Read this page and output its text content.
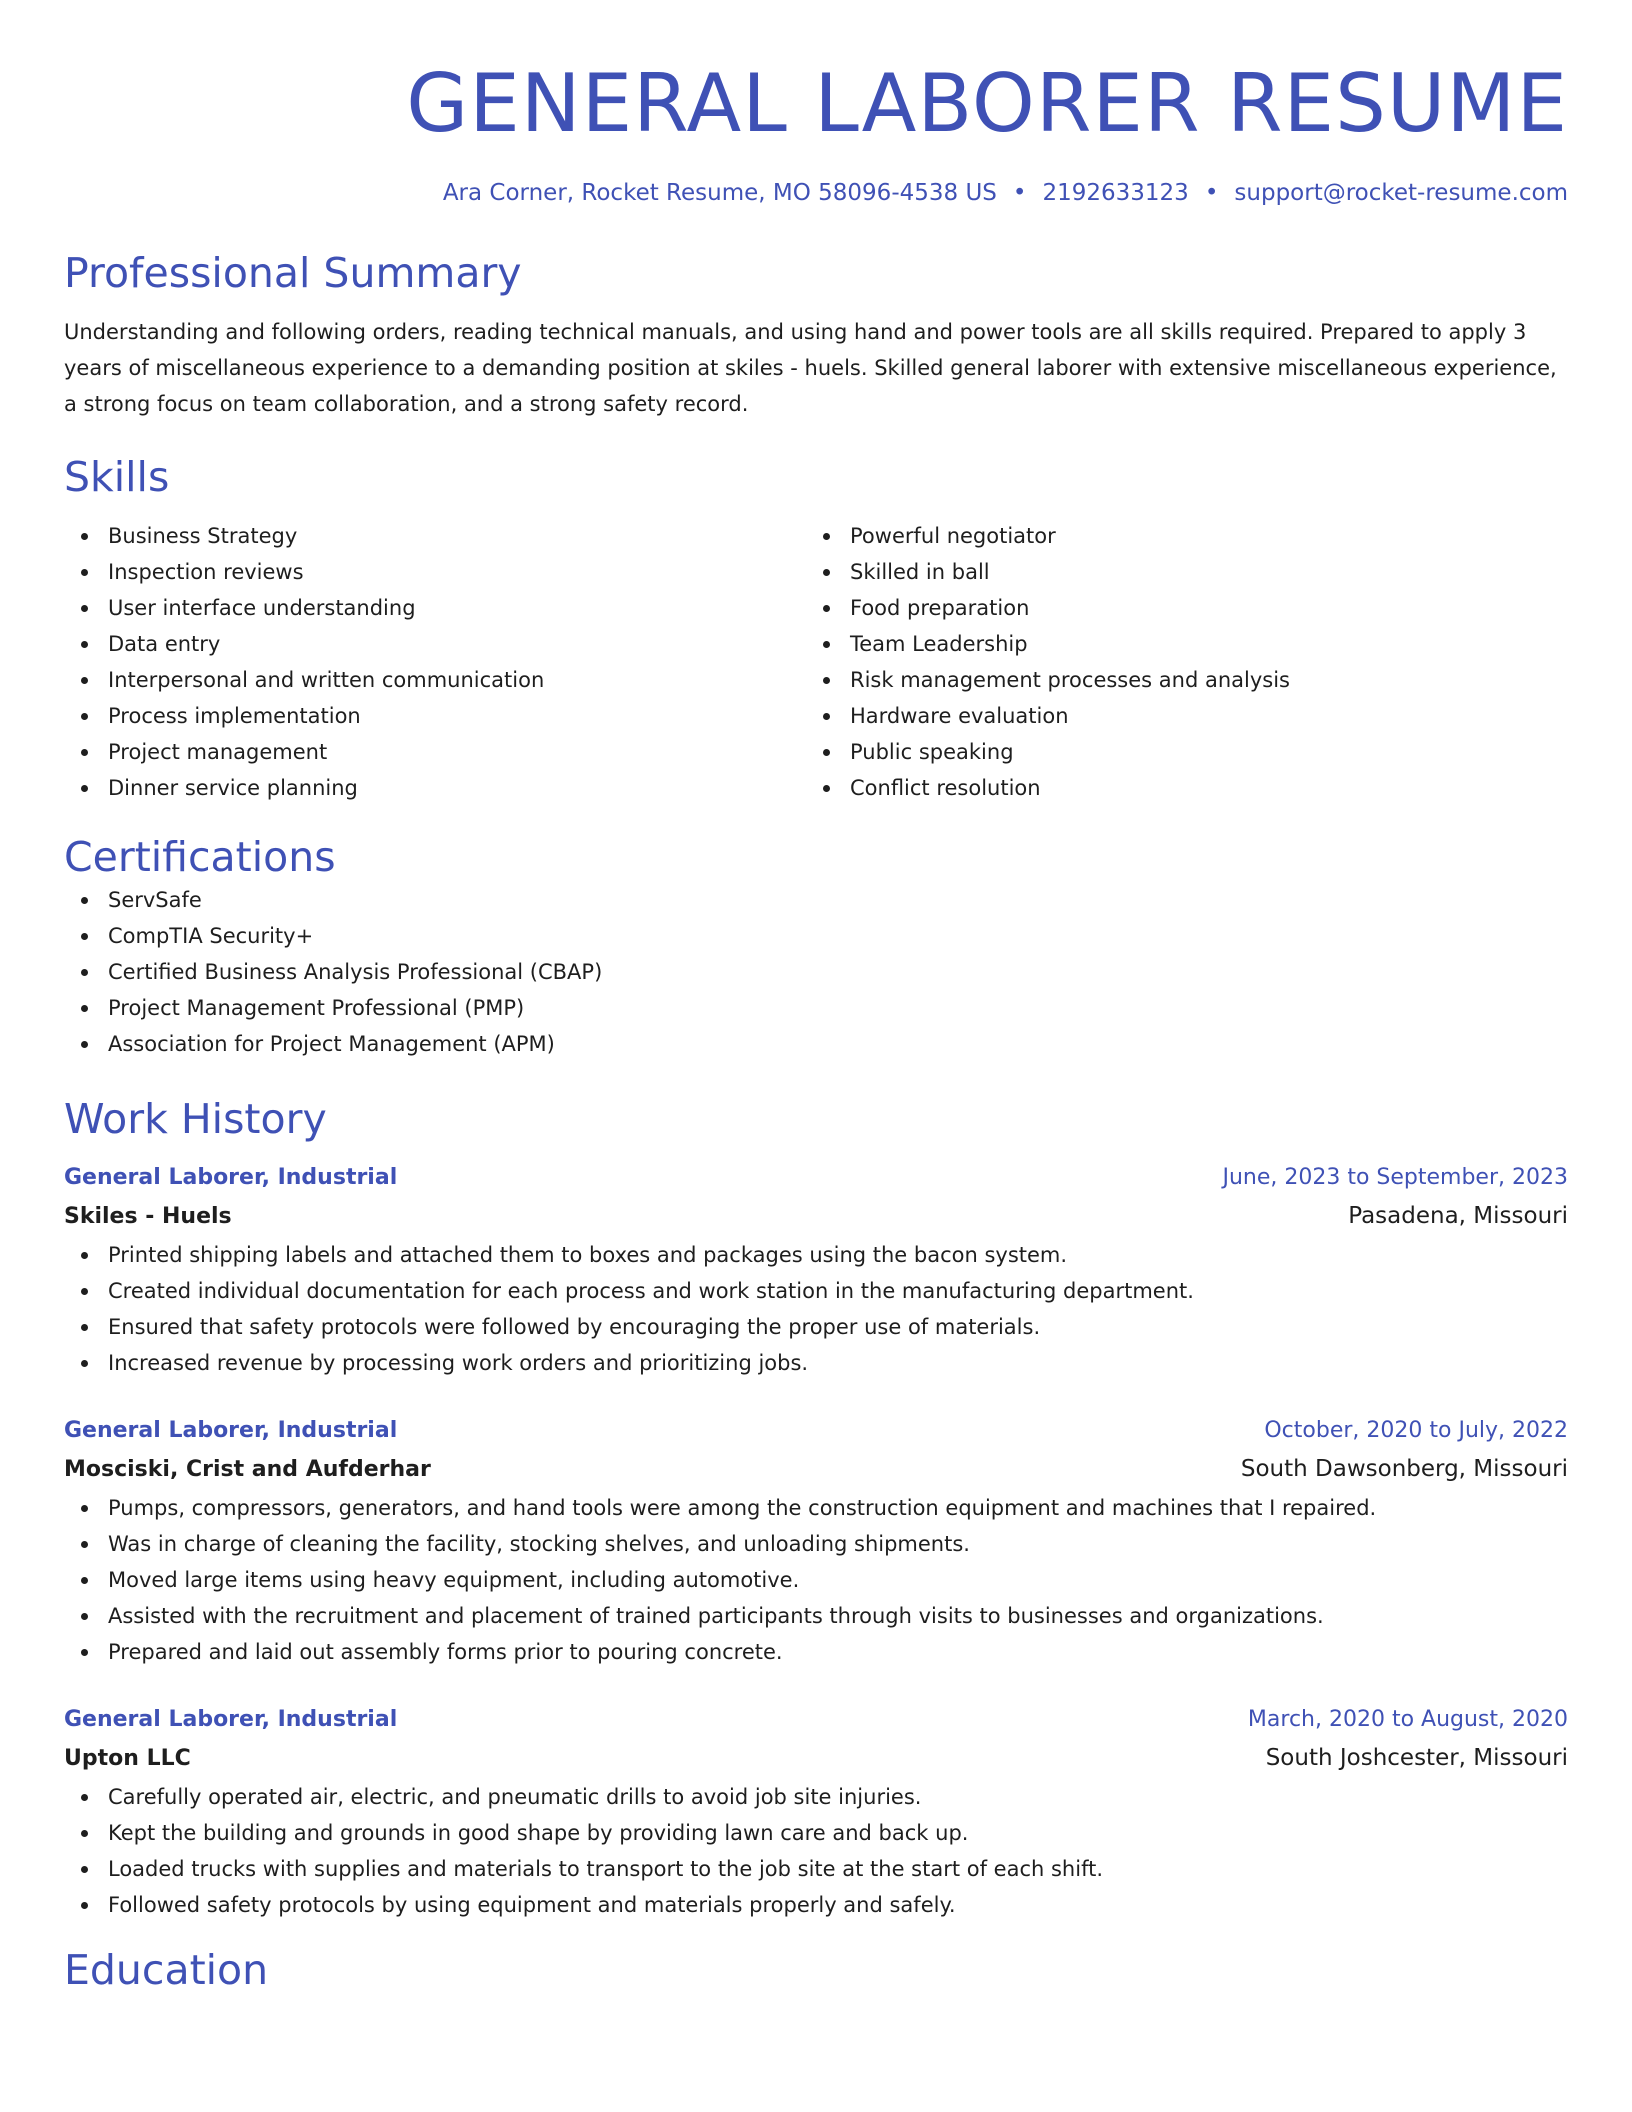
GENERAL LABORER RESUME
Ara Corner, Rocket Resume, MO 58096-4538 US • 2192633123 • support@rocket-resume.com
Professional Summary

Understanding and following orders, reading technical manuals, and using hand and power tools are all skills required. Prepared to apply 3 years of miscellaneous experience to a demanding position at skiles - huels. Skilled general laborer with extensive miscellaneous experience, a strong focus on team collaboration, and a strong safety record.

Skills
Business Strategy
Inspection reviews
User interface understanding
Data entry
Interpersonal and written communication
Process implementation
Project management
Dinner service planning
Powerful negotiator
Skilled in ball
Food preparation
Team Leadership
Risk management processes and analysis
Hardware evaluation
Public speaking
Conflict resolution
Certifications
ServSafe
CompTIA Security+
Certified Business Analysis Professional (CBAP)
Project Management Professional (PMP)
Association for Project Management (APM)
Work History
General Laborer, Industrial	June, 2023 to September, 2023
Skiles - Huels	Pasadena, Missouri
Printed shipping labels and attached them to boxes and packages using the bacon system.
Created individual documentation for each process and work station in the manufacturing department.
Ensured that safety protocols were followed by encouraging the proper use of materials.
Increased revenue by processing work orders and prioritizing jobs.
General Laborer, Industrial	October, 2020 to July, 2022
Mosciski, Crist and Aufderhar	South Dawsonberg, Missouri
Pumps, compressors, generators, and hand tools were among the construction equipment and machines that I repaired.
Was in charge of cleaning the facility, stocking shelves, and unloading shipments.
Moved large items using heavy equipment, including automotive.
Assisted with the recruitment and placement of trained participants through visits to businesses and organizations.
Prepared and laid out assembly forms prior to pouring concrete.
General Laborer, Industrial	March, 2020 to August, 2020
Upton LLC	South Joshcester, Missouri
Carefully operated air, electric, and pneumatic drills to avoid job site injuries.
Kept the building and grounds in good shape by providing lawn care and back up.
Loaded trucks with supplies and materials to transport to the job site at the start of each shift.
Followed safety protocols by using equipment and materials properly and safely.
Education
